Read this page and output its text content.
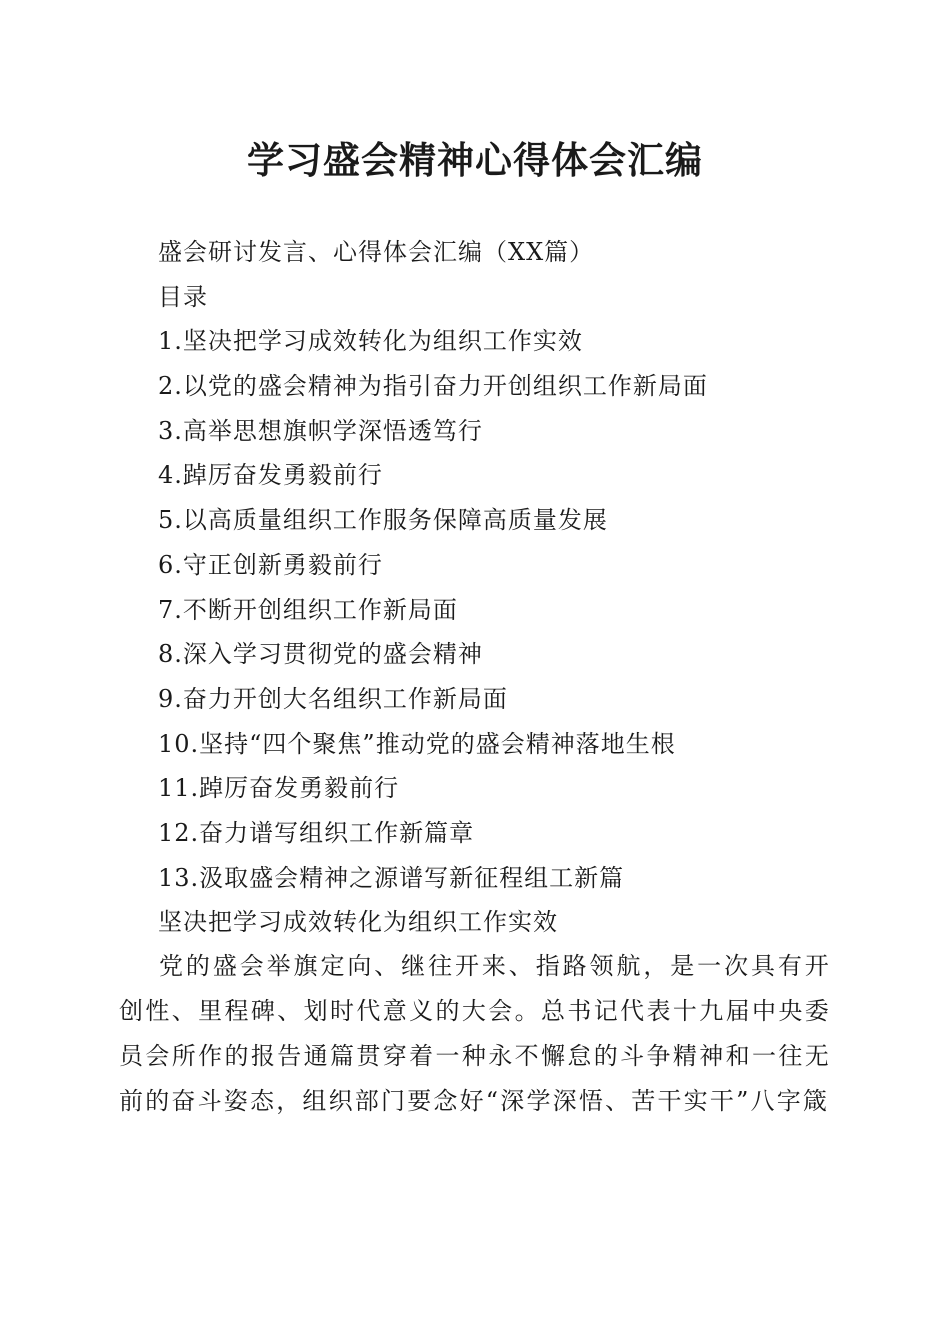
学习盛会精神心得体会汇编
盛会研讨发言、心得体会汇编（XX篇）
目录
1.坚决把学习成效转化为组织工作实效
2.以党的盛会精神为指引奋力开创组织工作新局面
3.高举思想旗帜学深悟透笃行
4.踔厉奋发勇毅前行
5.以高质量组织工作服务保障高质量发展
6.守正创新勇毅前行
7.不断开创组织工作新局面
8.深入学习贯彻党的盛会精神
9.奋力开创大名组织工作新局面
10.坚持“四个聚焦”推动党的盛会精神落地生根
11.踔厉奋发勇毅前行
12.奋力谱写组织工作新篇章
13.汲取盛会精神之源谱写新征程组工新篇
坚决把学习成效转化为组织工作实效

党的盛会举旗定向、继往开来、指路领航，是一次具有开创性、里程碑、划时代意义的大会。总书记代表十九届中央委员会所作的报告通篇贯穿着一种永不懈怠的斗争精神和一往无前的奋斗姿态，组织部门要念好“深学深悟、苦干实干”八字箴
